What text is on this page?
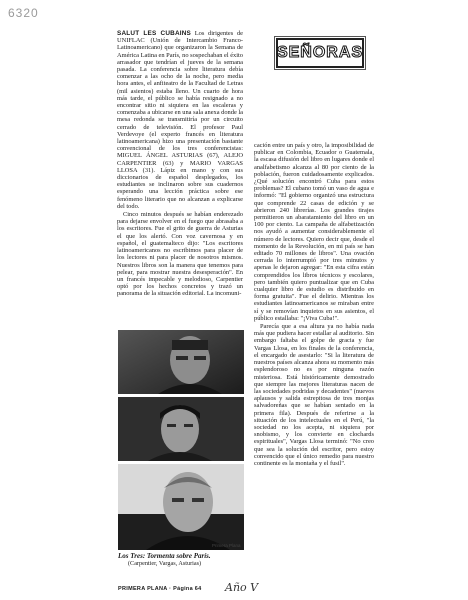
6320
SEÑORAS

SALUT LES CUBAINS Los dirigentes de UNIFLAC (Unión de Intercambio Franco-Latinoamericano) que organizaron la Semana de América Latina en París, no sospechaban el éxito arrasador que tendrían el jueves de la semana pasada. La conferencia sobre literatura debía comenzar a las ocho de la noche, pero media hora antes, el anfiteatro de la Facultad de Letras (mil asientos) estaba lleno. Un cuarto de hora más tarde, el público se había resignado a no encontrar sitio ni siquiera en las escaleras y comenzaba a ubicarse en una sala anexa donde la mesa redonda se transmitiría por un circuito cerrado de televisión. El profesor Paul Verdevoye (el experto francés en literatura latinoamericana) hizo una presentación bastante convencional de los tres conferencistas: MIGUEL ÁNGEL ASTURIAS (67), ALEJO CARPENTIER (63) y MARIO VARGAS LLOSA (31). Lápiz en mano y con sus diccionarios de español desplegados, los estudiantes se inclinaron sobre sus cuadernos esperando una lección práctica sobre ese fenómeno literario que no alcanzan a explicarse del todo.

Cinco minutos después se habían enderezado para dejarse envolver en el fuego que abrasaba a los escritores. Fue el grito de guerra de Asturias el que los alertó. Con voz cavernosa y en español, el guatemalteco dijo: "Los escritores latinoamericanos no escribimos para placer de los lectores ni para placer de nosotros mismos. Nuestros libros son la manera que tenemos para pelear, para mostrar nuestra desesperación". En un francés impecable y melodioso, Carpentier optó por los hechos concretos y trazó un panorama de la situación editorial. La incomuni-

cación entre un país y otro, la imposibilidad de publicar en Colombia, Ecuador o Guatemala, la escasa difusión del libro en lugares donde el analfabetismo alcanza al 80 por ciento de la población, fueron cuidadosamente explicados. ¿Qué solución encontró Cuba para estos problemas? El cubano tomó un vaso de agua e informó: "El gobierno organizó una estructura que comprende 22 casas de edición y se abrieron 240 librerías. Los grandes tirajes permitieron un abaratamiento del libro en un 100 por ciento. La campaña de alfabetización nos ayudó a aumentar considerablemente el número de lectores. Quiero decir que, desde el momento de la Revolución, en mi país se han editado 70 millones de libros". Una ovación cerrada lo interrumpió por tres minutos y apenas le dejaron agregar: "En esta cifra están comprendidos los libros técnicos y escolares, pero también quiero puntualizar que en Cuba cualquier libro de estudio es distribuido en forma gratuita". Fue el delirio. Mientras los estudiantes latinoamericanos se miraban entre sí y se removían inquietos en sus asientos, el público estallaba: "¡Viva Cuba!".

Parecía que a esa altura ya no había nada más que pudiera hacer estallar al auditorio. Sin embargo faltaba el golpe de gracia y fue Vargas Llosa, en los finales de la conferencia, el encargado de asestarlo: "Si la literatura de nuestros países alcanza ahora su momento más esplendoroso no es por ninguna razón misteriosa. Está históricamente demostrado que siempre las mejores literaturas nacen de las sociedades podridas y decadentes" (nuevos aplausos y salida estrepitosa de tres monjas salvadoreñas que se habían sentado en la primera fila). Después de referirse a la situación de los intelectuales en el Perú, "la sociedad no los acepta, ni siquiera por snobismo, y los convierte en clochards espirituales", Vargas Llosa terminó: "No creo que sea la solución del escritor, pero estoy convencido que el único remedio para nuestro continente es la montaña y el fusil".

Primera Plana
Los Tres: Tormenta sobre París.
(Carpentier, Vargas, Asturias)
PRIMERA PLANA · Página 64 Año V
